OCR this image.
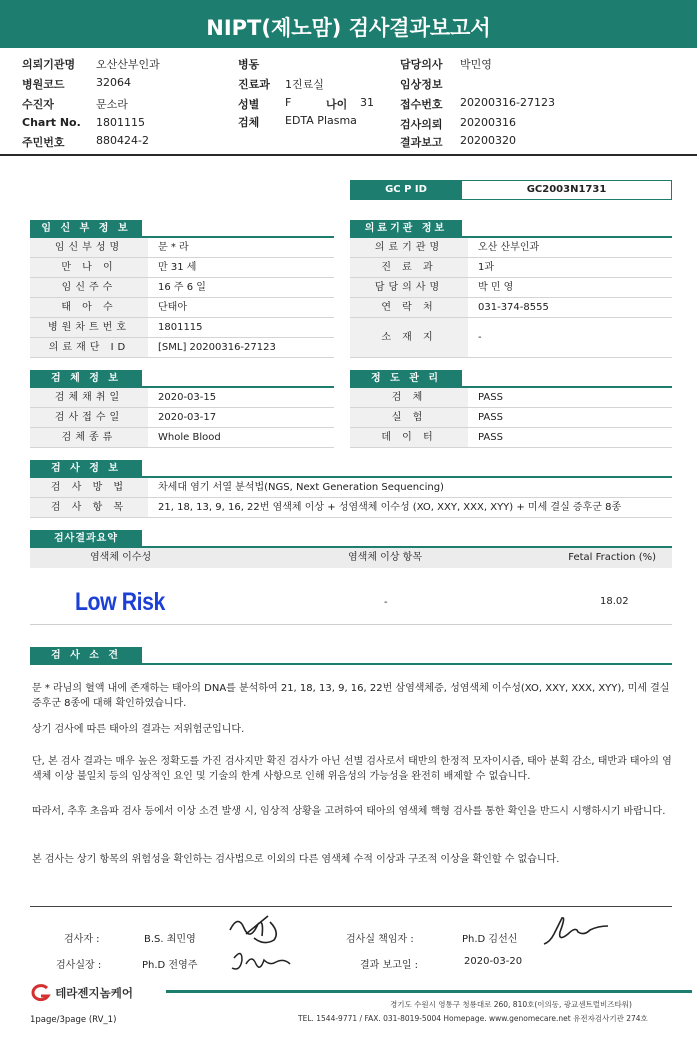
NIPT(제노맘) 검사결과보고서
의뢰기관명 오산산부인과
병원코드	32064
수진자	문소라
Chart No. 1801115
주민번호	880424-2
병동
진료과 1진료실
성별 F	나이 31
검체 EDTA Plasma
담당의사 박민영
임상정보
접수번호 20200316-27123
검사의뢰 20200316
결과보고 20200320
GC P ID	GC2003N1731
임 신 부 정 보
임신부성명	문 * 라
만 나 이	만 31 세
임신주수	16 주 6 일
태 아 수	단태아
병원차트번호	1801115
의료재단 ID	[SML] 20200316-27123
의료기관 정보
의료기관명	오산 산부인과
진 료 과	1과
담당의사명	박 민 영
연 락 처	031-374-8555
소 재 지	-
검 체 정 보
검체채취일	2020-03-15
검사접수일	2020-03-17
검체종류	Whole Blood
정 도 관 리
검 체	PASS
실 험	PASS
데 이 터	PASS
검 사 정 보
검 사 방 법	차세대 염기 서열 분석법(NGS, Next Generation Sequencing)
검 사 항 목	21, 18, 13, 9, 16, 22번 염색체 이상 + 성염색체 이수성 (XO, XXY, XXX, XYY) + 미세 결실 증후군 8종
검사결과요약
염색체 이수성	염색체 이상 항목	Fetal Fraction (%)
Low Risk	-	18.02
검 사 소 견
문 * 라님의 혈액 내에 존재하는 태아의 DNA를 분석하여 21, 18, 13, 9, 16, 22번 삼염색체증, 성염색체 이수성(XO, XXY, XXX, XYY), 미세 결실 증후군 8종에 대해 확인하였습니다.
상기 검사에 따른 태아의 결과는 저위험군입니다.
단, 본 검사 결과는 매우 높은 정확도를 가진 검사지만 확진 검사가 아닌 선별 검사로서 태반의 한정적 모자이시즘, 태아 분획 감소, 태반과 태아의 염색체 이상 불일치 등의 임상적인 요인 및 기술의 한계 사항으로 인해 위음성의 가능성을 완전히 배제할 수 없습니다.
따라서, 추후 초음파 검사 등에서 이상 소견 발생 시, 임상적 상황을 고려하여 태아의 염색체 핵형 검사를 통한 확인을 반드시 시행하시기 바랍니다.
본 검사는 상기 항목의 위험성을 확인하는 검사법으로 이외의 다른 염색체 수적 이상과 구조적 이상을 확인할 수 없습니다.
검사자 :	B.S. 최민영
검사실장 :	Ph.D 전영주
검사실 책임자 :	Ph.D 김선신
결과 보고일 :	2020-03-20
테라젠지놈케어
경기도 수원시 영통구 청룡대로 260, 810호(이의동, 광교센트럴비즈타워)
TEL. 1544-9771 / FAX. 031-8019-5004 Homepage. www.genomecare.net 유전자검사기관 274호
1page/3page (RV_1)
